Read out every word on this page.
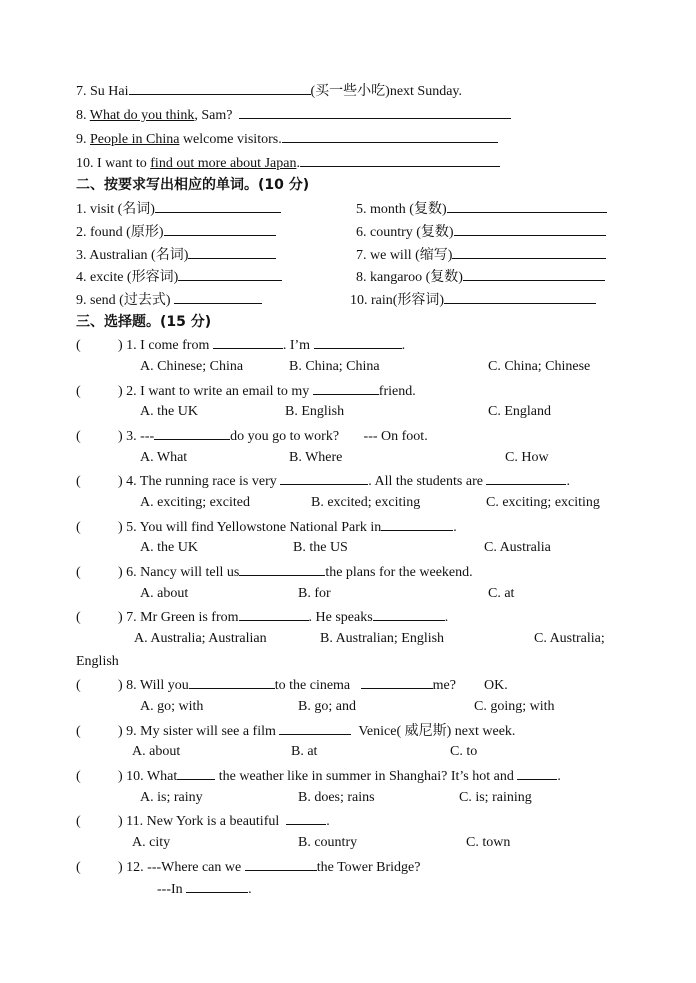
7. Su Hai	(买一些小吃)next Sunday.
8. What do you think, Sam?
9. People in China welcome visitors.
10. I want to find out more about Japan.
二、按要求写出相应的单词。(10 分)
1. visit (名词)	5. month (复数)
2. found (原形)	6. country (复数)
3. Australian (名词)	7. we will (缩写)
4. excite (形容词)	8. kangaroo (复数)
9. send (过去式)	10. rain(形容词)
三、选择题。(15 分)
(	) 1. I come from	. I’m	.
A. Chinese; China	B. China; China	C. China; Chinese
(	) 2. I want to write an email to my	friend.
A. the UK	B. English	C. England
(	) 3. ---	do you go to work? --- On foot.
A. What	B. Where	C. How
(	) 4. The running race is very	. All the students are	.
A. exciting; excited	B. excited; exciting	C. exciting; exciting
(	) 5. You will find Yellowstone National Park in	.
A. the UK	B. the US	C. Australia
(	) 6. Nancy will tell us	the plans for the weekend.
A. about	B. for	C. at
(	) 7. Mr Green is from	. He speaks	.
A. Australia; Australian	B. Australian; English	C. Australia;
English
(	) 8. Will you	to the cinema	me? OK.
A. go; with	B. go; and	C. going; with
(	) 9. My sister will see a film	Venice( 威尼斯) next week.
A. about	B. at	C. to
(	) 10. What	the weather like in summer in Shanghai? It’s hot and	.
A. is; rainy	B. does; rains	C. is; raining
(	) 11. New York is a beautiful	.
A. city	B. country	C. town
(	) 12. ---Where can we	the Tower Bridge?
---In	.
